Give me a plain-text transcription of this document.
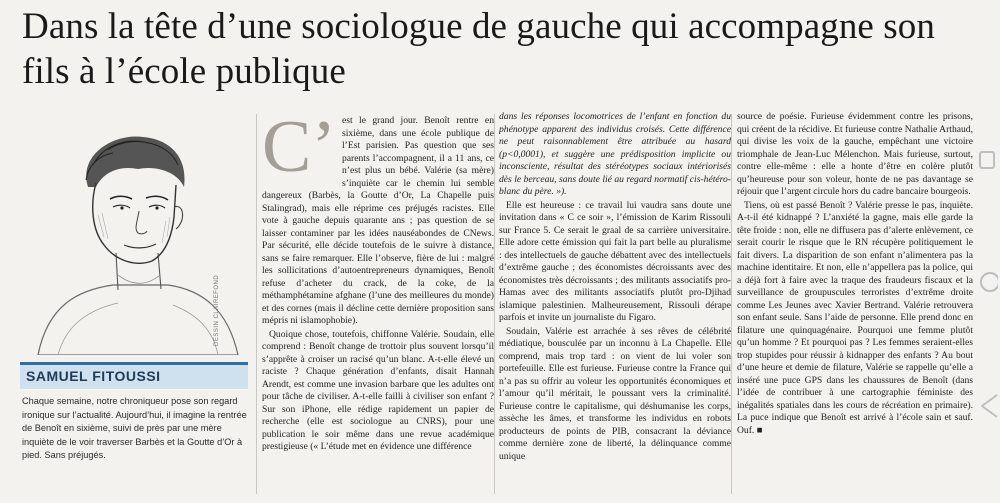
Dans la tête d’une sociologue de gauche qui accompagne son fils à l’école publique
DESSIN CLAIREFOND
SAMUEL FITOUSSI

Chaque semaine, notre chroniqueur pose son regard ironique sur l’actualité. Aujourd’hui, il imagine la rentrée de Benoît en sixième, suivi de près par une mère inquiète de le voir traverser Barbès et la Goutte d’Or à pied. Sans préjugés.

C’ est le grand jour. Benoît rentre en sixième, dans une école publique de l’Est parisien. Pas question que ses parents l’accompagnent, il a 11 ans, ce n’est plus un bébé. Valérie (sa mère) s’inquiète car le chemin lui semble dangereux (Barbès, la Goutte d’Or, La Chapelle puis Stalingrad), mais elle réprime ces préjugés racistes. Elle vote à gauche depuis quarante ans ; pas question de se laisser contaminer par les idées nauséabondes de CNews. Par sécurité, elle décide toutefois de le suivre à distance, sans se faire remarquer. Elle l’observe, fière de lui : malgré les sollicitations d’autoentrepreneurs dynamiques, Benoît refuse d’acheter du crack, de la coke, de la méthamphétamine afghane (l’une des meilleures du monde) et des cornes (mais il décline cette dernière proposition sans mépris ni islamophobie).

Quoique chose, toutefois, chiffonne Valérie. Soudain, elle comprend : Benoît change de trottoir plus souvent lorsqu’il s’apprête à croiser un racisé qu’un blanc. A-t-elle élevé un raciste ? Chaque génération d’enfants, disait Hannah Arendt, est comme une invasion barbare que les adultes ont pour tâche de civiliser. A-t-elle failli à civiliser son enfant ? Sur son iPhone, elle rédige rapidement un papier de recherche (elle est sociologue au CNRS), pour une publication le soir même dans une revue académique prestigieuse (« L’étude met en évidence une différence

dans les réponses locomotrices de l’enfant en fonction du phénotype apparent des individus croisés. Cette différence ne peut raisonnablement être attribuée au hasard (p<0,0001), et suggère une prédisposition implicite ou inconsciente, résultat des stéréotypes sociaux intériorisés dès le berceau, sans doute lié au regard normatif cis-hétéro-blanc du père. »).

Elle est heureuse : ce travail lui vaudra sans doute une invitation dans « C ce soir », l’émission de Karim Rissouli sur France 5. Ce serait le graal de sa carrière universitaire. Elle adore cette émission qui fait la part belle au pluralisme : des intellectuels de gauche débattent avec des intellectuels d’extrême gauche ; des économistes décroissants avec des économistes très décroissants ; des militants associatifs pro-Hamas avec des militants associatifs plutôt pro-Djihad islamique palestinien. Malheureusement, Rissouli dérape parfois et invite un journaliste du Figaro.

Soudain, Valérie est arrachée à ses rêves de célébrité médiatique, bousculée par un inconnu à La Chapelle. Elle comprend, mais trop tard : on vient de lui voler son portefeuille. Elle est furieuse. Furieuse contre la France qui n’a pas su offrir au voleur les opportunités économiques et l’amour qu’il méritait, le poussant vers la criminalité. Furieuse contre le capitalisme, qui déshumanise les corps, assèche les âmes, et transforme les individus en robots producteurs de points de PIB, consacrant la déviance comme dernière zone de liberté, la délinquance comme unique

source de poésie. Furieuse évidemment contre les prisons, qui créent de la récidive. Et furieuse contre Nathalie Arthaud, qui divise les voix de la gauche, empêchant une victoire triomphale de Jean-Luc Mélenchon. Mais furieuse, surtout, contre elle-même : elle a honte d’être en colère plutôt qu’heureuse pour son voleur, honte de ne pas davantage se réjouir que l’argent circule hors du cadre bancaire bourgeois.

Tiens, où est passé Benoît ? Valérie presse le pas, inquiète. A-t-il été kidnappé ? L’anxiété la gagne, mais elle garde la tête froide : non, elle ne diffusera pas d’alerte enlèvement, ce serait courir le risque que le RN récupère politiquement le fait divers. La disparition de son enfant n’alimentera pas la machine identitaire. Et non, elle n’appellera pas la police, qui a déjà fort à faire avec la traque des fraudeurs fiscaux et la surveillance de groupuscules terroristes d’extrême droite comme Les Jeunes avec Xavier Bertrand. Valérie retrouvera son enfant seule. Sans l’aide de personne. Elle prend donc en filature une quinquagénaire. Pourquoi une femme plutôt qu’un homme ? Et pourquoi pas ? Les femmes seraient-elles trop stupides pour réussir à kidnapper des enfants ? Au bout d’une heure et demie de filature, Valérie se rappelle qu’elle a inséré une puce GPS dans les chaussures de Benoît (dans l’idée de contribuer à une cartographie féministe des inégalités spatiales dans les cours de récréation en primaire). La puce indique que Benoît est arrivé à l’école sain et sauf. Ouf. ■
